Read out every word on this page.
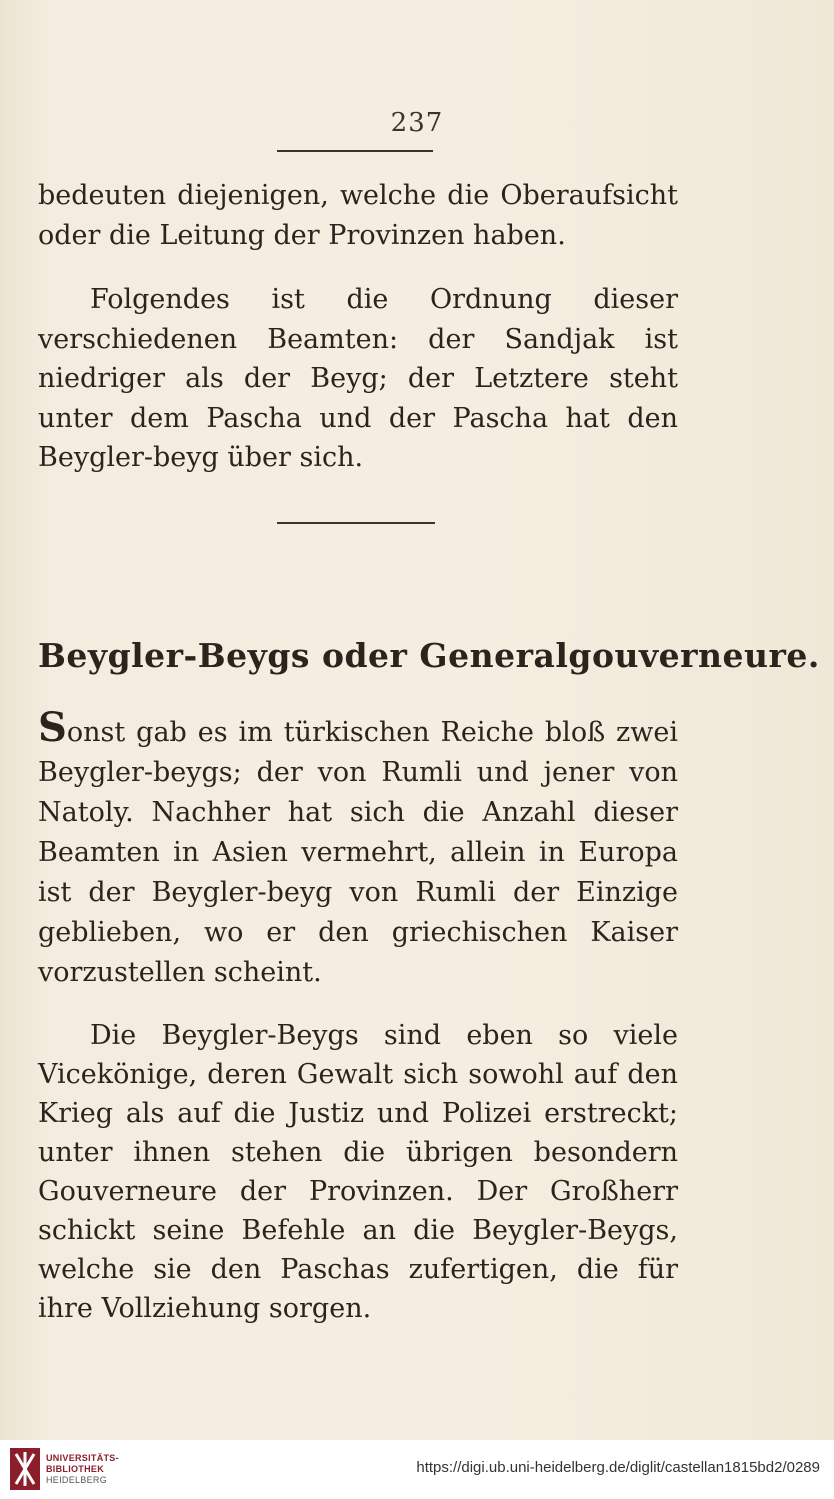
237

bedeuten diejenigen, welche die Oberaufsicht oder die Leitung der Provinzen haben.

Folgendes ist die Ordnung dieser verschiedenen Beamten: der Sandjak ist niedriger als der Beyg; der Letztere steht unter dem Pascha und der Pascha hat den Beygler-beyg über sich.

Beygler-Beygs oder Generalgouverneure.

Sonst gab es im türkischen Reiche bloß zwei Beygler-beygs; der von Rumli und jener von Natoly. Nachher hat sich die Anzahl dieser Beamten in Asien vermehrt, allein in Europa ist der Beygler-beyg von Rumli der Einzige geblieben, wo er den griechischen Kaiser vorzustellen scheint.

Die Beygler-Beygs sind eben so viele Vicekönige, deren Gewalt sich sowohl auf den Krieg als auf die Justiz und Polizei erstreckt; unter ihnen stehen die übrigen besondern Gouverneure der Provinzen. Der Großherr schickt seine Befehle an die Beygler-Beygs, welche sie den Paschas zufertigen, die für ihre Vollziehung sorgen.

UNIVERSITÄTS-
BIBLIOTHEK
HEIDELBERG
https://digi.ub.uni-heidelberg.de/diglit/castellan1815bd2/0289
